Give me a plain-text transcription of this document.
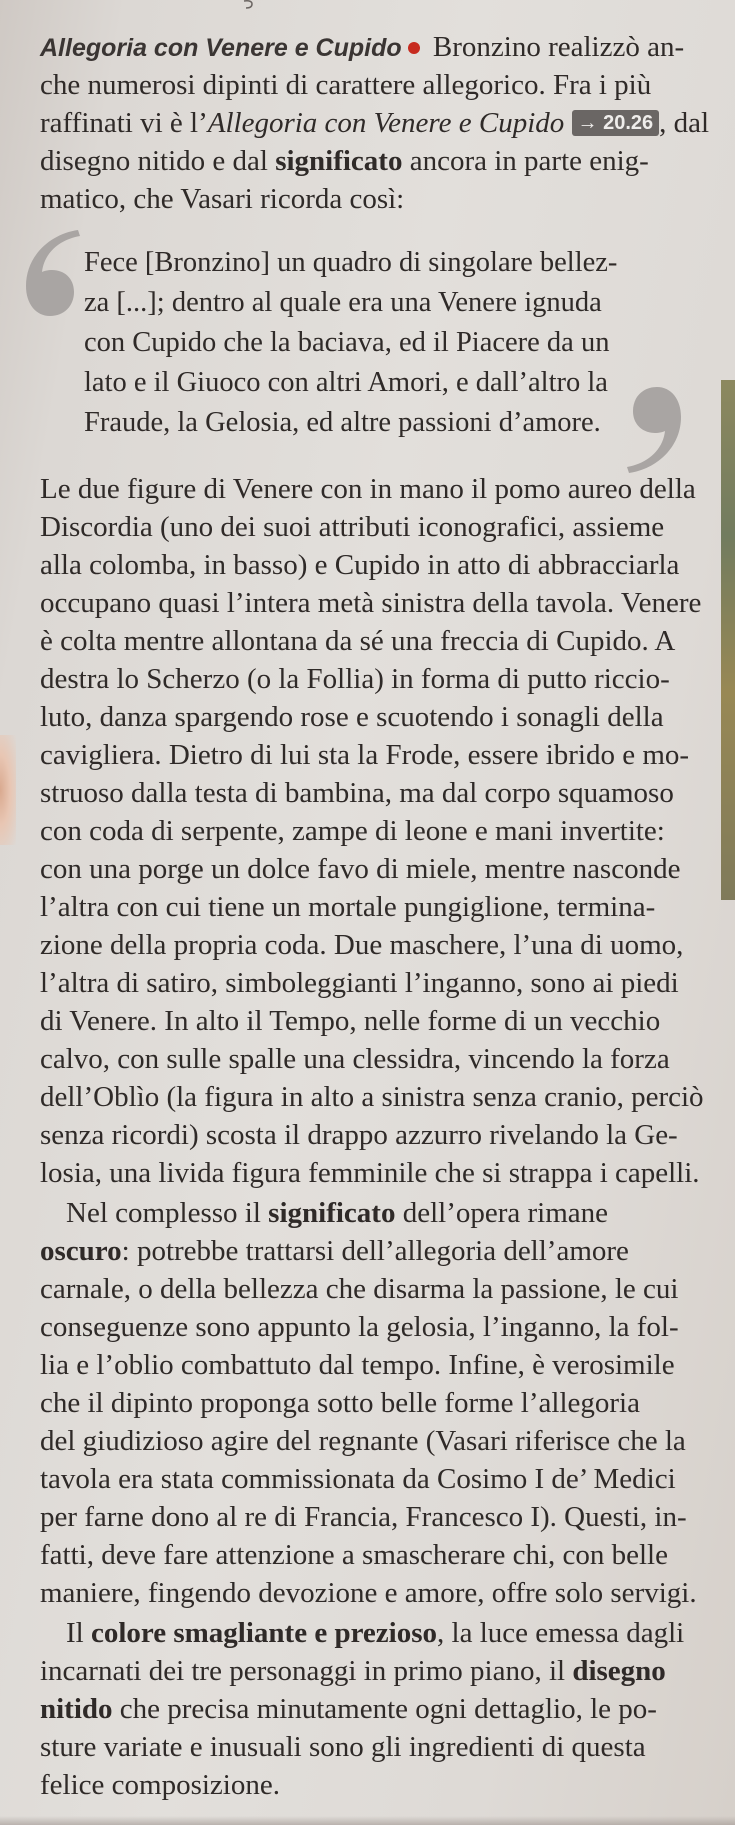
Allegoria con Venere e Cupido Bronzino realizzò an-
che numerosi dipinti di carattere allegorico. Fra i più
raffinati vi è l’Allegoria con Venere e Cupido → 20.26 , dal
disegno nitido e dal significato ancora in parte enig-
matico, che Vasari ricorda così:
Fece [Bronzino] un quadro di singolare bellez-
za [...]; dentro al quale era una Venere ignuda
con Cupido che la baciava, ed il Piacere da un
lato e il Giuoco con altri Amori, e dall’altro la
Fraude, la Gelosia, ed altre passioni d’amore.
Le due figure di Venere con in mano il pomo aureo della
Discordia (uno dei suoi attributi iconografici, assieme
alla colomba, in basso) e Cupido in atto di abbracciarla
occupano quasi l’intera metà sinistra della tavola. Venere
è colta mentre allontana da sé una freccia di Cupido. A
destra lo Scherzo (o la Follia) in forma di putto riccio-
luto, danza spargendo rose e scuotendo i sonagli della
cavigliera. Dietro di lui sta la Frode, essere ibrido e mo-
struoso dalla testa di bambina, ma dal corpo squamoso
con coda di serpente, zampe di leone e mani invertite:
con una porge un dolce favo di miele, mentre nasconde
l’altra con cui tiene un mortale pungiglione, termina-
zione della propria coda. Due maschere, l’una di uomo,
l’altra di satiro, simboleggianti l’inganno, sono ai piedi
di Venere. In alto il Tempo, nelle forme di un vecchio
calvo, con sulle spalle una clessidra, vincendo la forza
dell’Oblìo (la figura in alto a sinistra senza cranio, perciò
senza ricordi) scosta il drappo azzurro rivelando la Ge-
losia, una livida figura femminile che si strappa i capelli.
Nel complesso il significato dell’opera rimane
oscuro: potrebbe trattarsi dell’allegoria dell’amore
carnale, o della bellezza che disarma la passione, le cui
conseguenze sono appunto la gelosia, l’inganno, la fol-
lia e l’oblio combattuto dal tempo. Infine, è verosimile
che il dipinto proponga sotto belle forme l’allegoria
del giudizioso agire del regnante (Vasari riferisce che la
tavola era stata commissionata da Cosimo I de’ Medici
per farne dono al re di Francia, Francesco I). Questi, in-
fatti, deve fare attenzione a smascherare chi, con belle
maniere, fingendo devozione e amore, offre solo servigi.
Il colore smagliante e prezioso, la luce emessa dagli
incarnati dei tre personaggi in primo piano, il disegno
nitido che precisa minutamente ogni dettaglio, le po-
sture variate e inusuali sono gli ingredienti di questa
felice composizione.
